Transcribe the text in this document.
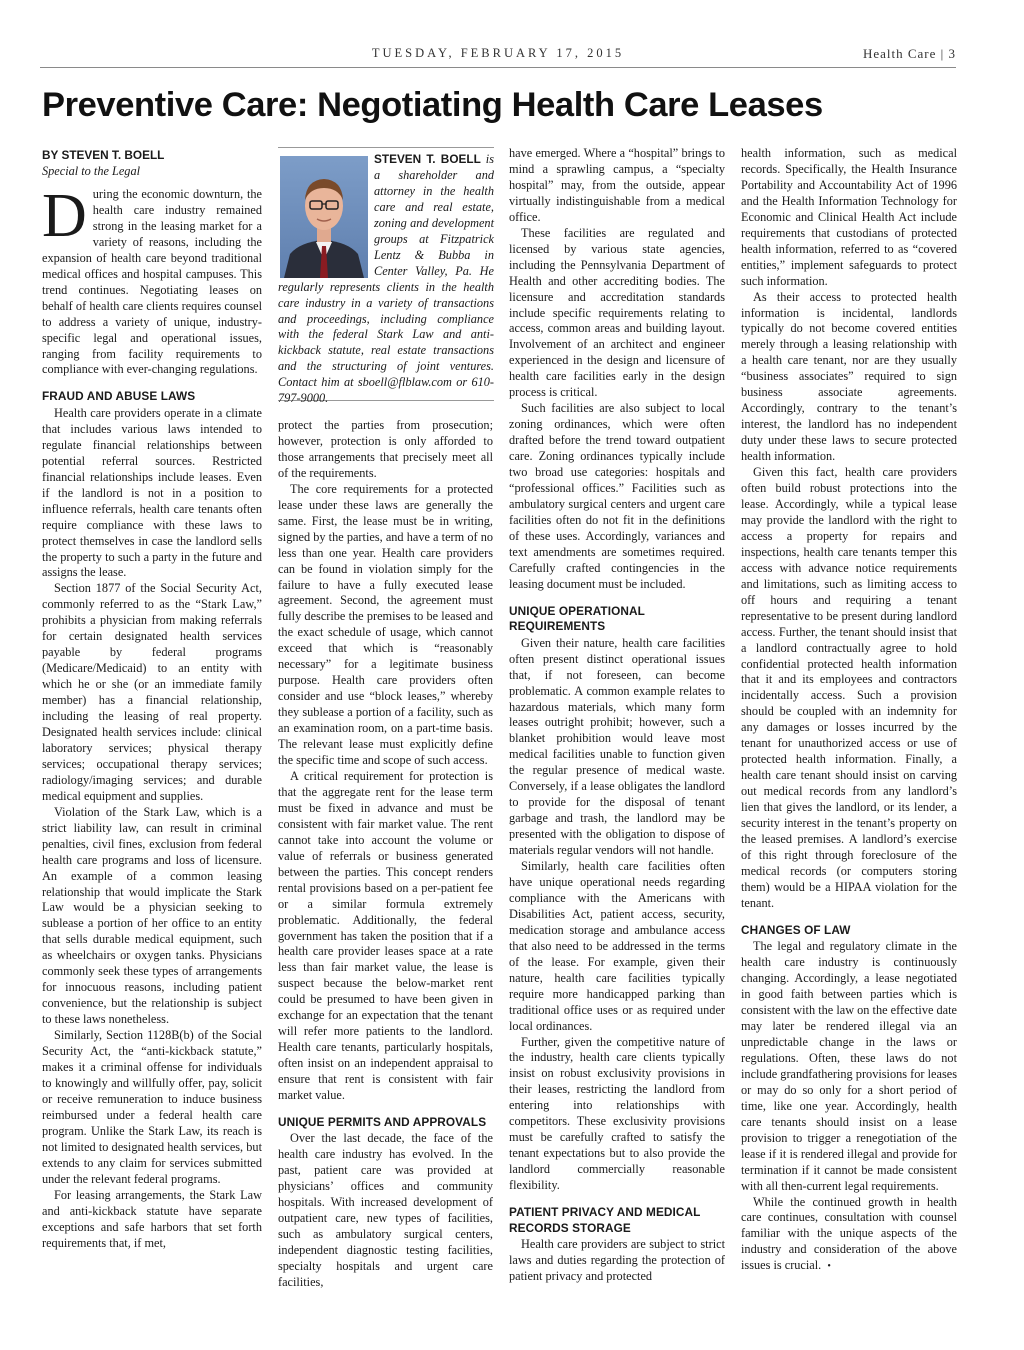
TUESDAY, FEBRUARY 17, 2015	Health Care | 3
Preventive Care: Negotiating Health Care Leases
BY STEVEN T. BOELL
Special to the Legal

During the economic downturn, the health care industry remained strong in the leasing market for a variety of reasons, including the expansion of health care beyond traditional medical offices and hospital campuses. This trend continues. Negotiating leases on behalf of health care clients requires counsel to address a variety of unique, industry-specific legal and operational issues, ranging from facility requirements to compliance with ever-changing regulations.

FRAUD AND ABUSE LAWS

Health care providers operate in a climate that includes various laws intended to regulate financial relationships between potential referral sources. Restricted financial relationships include leases. Even if the landlord is not in a position to influence referrals, health care tenants often require compliance with these laws to protect themselves in case the landlord sells the property to such a party in the future and assigns the lease.

Section 1877 of the Social Security Act, commonly referred to as the “Stark Law,” prohibits a physician from making referrals for certain designated health services payable by federal programs (Medicare/Medicaid) to an entity with which he or she (or an immediate family member) has a financial relationship, including the leasing of real property. Designated health services include: clinical laboratory services; physical therapy services; occupational therapy services; radiology/imaging services; and durable medical equipment and supplies.

Violation of the Stark Law, which is a strict liability law, can result in criminal penalties, civil fines, exclusion from federal health care programs and loss of licensure. An example of a common leasing relationship that would implicate the Stark Law would be a physician seeking to sublease a portion of her office to an entity that sells durable medical equipment, such as wheelchairs or oxygen tanks. Physicians commonly seek these types of arrangements for innocuous reasons, including patient convenience, but the relationship is subject to these laws nonetheless.

Similarly, Section 1128B(b) of the Social Security Act, the “anti-kickback statute,” makes it a criminal offense for individuals to knowingly and willfully offer, pay, solicit or receive remuneration to induce business reimbursed under a federal health care program. Unlike the Stark Law, its reach is not limited to designated health services, but extends to any claim for services submitted under the relevant federal programs.

For leasing arrangements, the Stark Law and anti-kickback statute have separate exceptions and safe harbors that set forth requirements that, if met,

STEVEN T. BOELL is a shareholder and attorney in the health care and real estate, zoning and development groups at Fitzpatrick Lentz & Bubba in Center Valley, Pa. He regularly represents clients in the health care industry in a variety of transactions and proceedings, including compliance with the federal Stark Law and anti-kickback statute, real estate transactions and the structuring of joint ventures. Contact him at sboell@flblaw.com or 610-797-9000.

protect the parties from prosecution; however, protection is only afforded to those arrangements that precisely meet all of the requirements.

The core requirements for a protected lease under these laws are generally the same. First, the lease must be in writing, signed by the parties, and have a term of no less than one year. Health care providers can be found in violation simply for the failure to have a fully executed lease agreement. Second, the agreement must fully describe the premises to be leased and the exact schedule of usage, which cannot exceed that which is “reasonably necessary” for a legitimate business purpose. Health care providers often consider and use “block leases,” whereby they sublease a portion of a facility, such as an examination room, on a part-time basis. The relevant lease must explicitly define the specific time and scope of such access.

A critical requirement for protection is that the aggregate rent for the lease term must be fixed in advance and must be consistent with fair market value. The rent cannot take into account the volume or value of referrals or business generated between the parties. This concept renders rental provisions based on a per-patient fee or a similar formula extremely problematic. Additionally, the federal government has taken the position that if a health care provider leases space at a rate less than fair market value, the lease is suspect because the below-market rent could be presumed to have been given in exchange for an expectation that the tenant will refer more patients to the landlord. Health care tenants, particularly hospitals, often insist on an independent appraisal to ensure that rent is consistent with fair market value.

UNIQUE PERMITS AND APPROVALS

Over the last decade, the face of the health care industry has evolved. In the past, patient care was provided at physicians’ offices and community hospitals. With increased development of outpatient care, new types of facilities, such as ambulatory surgical centers, independent diagnostic testing facilities, specialty hospitals and urgent care facilities,

have emerged. Where a “hospital” brings to mind a sprawling campus, a “specialty hospital” may, from the outside, appear virtually indistinguishable from a medical office.

These facilities are regulated and licensed by various state agencies, including the Pennsylvania Department of Health and other accrediting bodies. The licensure and accreditation standards include specific requirements relating to access, common areas and building layout. Involvement of an architect and engineer experienced in the design and licensure of health care facilities early in the design process is critical.

Such facilities are also subject to local zoning ordinances, which were often drafted before the trend toward outpatient care. Zoning ordinances typically include two broad use categories: hospitals and “professional offices.” Facilities such as ambulatory surgical centers and urgent care facilities often do not fit in the definitions of these uses. Accordingly, variances and text amendments are sometimes required. Carefully crafted contingencies in the leasing document must be included.

UNIQUE OPERATIONAL REQUIREMENTS

Given their nature, health care facilities often present distinct operational issues that, if not foreseen, can become problematic. A common example relates to hazardous materials, which many form leases outright prohibit; however, such a blanket prohibition would leave most medical facilities unable to function given the regular presence of medical waste. Conversely, if a lease obligates the landlord to provide for the disposal of tenant garbage and trash, the landlord may be presented with the obligation to dispose of materials regular vendors will not handle.

Similarly, health care facilities often have unique operational needs regarding compliance with the Americans with Disabilities Act, patient access, security, medication storage and ambulance access that also need to be addressed in the terms of the lease. For example, given their nature, health care facilities typically require more handicapped parking than traditional office uses or as required under local ordinances.

Further, given the competitive nature of the industry, health care clients typically insist on robust exclusivity provisions in their leases, restricting the landlord from entering into relationships with competitors. These exclusivity provisions must be carefully crafted to satisfy the tenant expectations but to also provide the landlord commercially reasonable flexibility.

PATIENT PRIVACY AND MEDICAL RECORDS STORAGE

Health care providers are subject to strict laws and duties regarding the protection of patient privacy and protected

health information, such as medical records. Specifically, the Health Insurance Portability and Accountability Act of 1996 and the Health Information Technology for Economic and Clinical Health Act include requirements that custodians of protected health information, referred to as “covered entities,” implement safeguards to protect such information.

As their access to protected health information is incidental, landlords typically do not become covered entities merely through a leasing relationship with a health care tenant, nor are they usually “business associates” required to sign business associate agreements. Accordingly, contrary to the tenant’s interest, the landlord has no independent duty under these laws to secure protected health information.

Given this fact, health care providers often build robust protections into the lease. Accordingly, while a typical lease may provide the landlord with the right to access a property for repairs and inspections, health care tenants temper this access with advance notice requirements and limitations, such as limiting access to off hours and requiring a tenant representative to be present during landlord access. Further, the tenant should insist that a landlord contractually agree to hold confidential protected health information that it and its employees and contractors incidentally access. Such a provision should be coupled with an indemnity for any damages or losses incurred by the tenant for unauthorized access or use of protected health information. Finally, a health care tenant should insist on carving out medical records from any landlord’s lien that gives the landlord, or its lender, a security interest in the tenant’s property on the leased premises. A landlord’s exercise of this right through foreclosure of the medical records (or computers storing them) would be a HIPAA violation for the tenant.

CHANGES OF LAW

The legal and regulatory climate in the health care industry is continuously changing. Accordingly, a lease negotiated in good faith between parties which is consistent with the law on the effective date may later be rendered illegal via an unpredictable change in the laws or regulations. Often, these laws do not include grandfathering provisions for leases or may do so only for a short period of time, like one year. Accordingly, health care tenants should insist on a lease provision to trigger a renegotiation of the lease if it is rendered illegal and provide for termination if it cannot be made consistent with all then-current legal requirements.

While the continued growth in health care continues, consultation with counsel familiar with the unique aspects of the industry and consideration of the above issues is crucial. •
